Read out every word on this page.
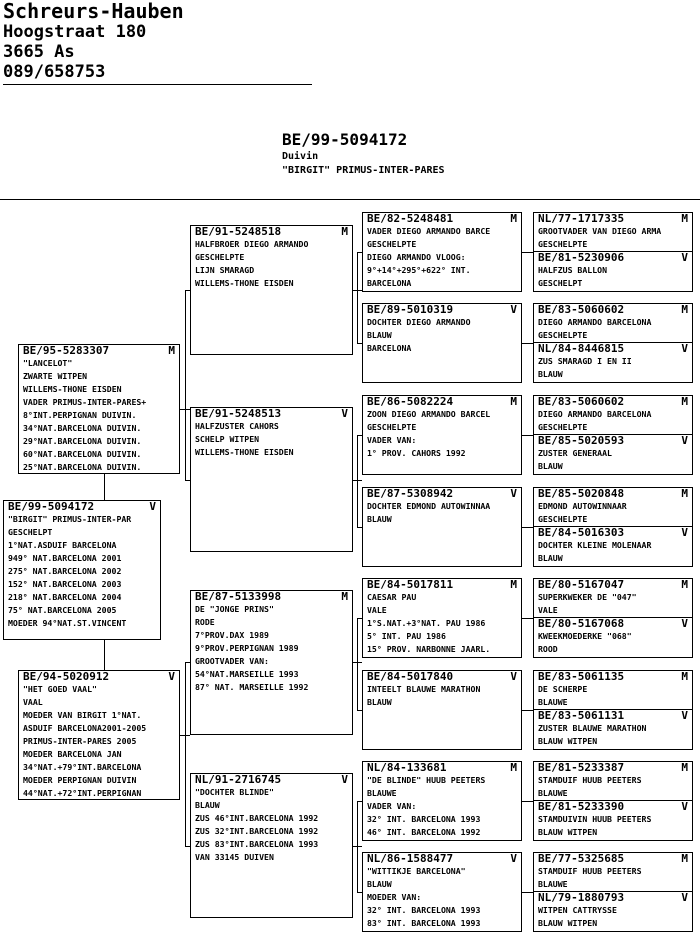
Schreurs-Hauben
Hoogstraat 180
3665 As
089/658753
BE/99-5094172
Duivin
"BIRGIT" PRIMUS-INTER-PARES
BE/95-5283307	M
"LANCELOT"
ZWARTE WITPEN
WILLEMS-THONE EISDEN
VADER PRIMUS-INTER-PARES+
8°INT.PERPIGNAN DUIVIN.
34°NAT.BARCELONA DUIVIN.
29°NAT.BARCELONA DUIVIN.
60°NAT.BARCELONA DUIVIN.
25°NAT.BARCELONA DUIVIN.
BE/99-5094172	V
"BIRGIT" PRIMUS-INTER-PAR
GESCHELPT
1°NAT.ASDUIF BARCELONA
949° NAT.BARCELONA 2001
275° NAT.BARCELONA 2002
152° NAT.BARCELONA 2003
218° NAT.BARCELONA 2004
75° NAT.BARCELONA 2005
MOEDER 94°NAT.ST.VINCENT
BE/94-5020912	V
"HET GOED VAAL"
VAAL
MOEDER VAN BIRGIT 1°NAT.
ASDUIF BARCELONA2001-2005
PRIMUS-INTER-PARES 2005
MOEDER BARCELONA JAN
34°NAT.+79°INT.BARCELONA
MOEDER PERPIGNAN DUIVIN
44°NAT.+72°INT.PERPIGNAN
BE/91-5248518	M
HALFBROER DIEGO ARMANDO
GESCHELPTE
LIJN SMARAGD
WILLEMS-THONE EISDEN
BE/91-5248513	V
HALFZUSTER CAHORS
SCHELP WITPEN
WILLEMS-THONE EISDEN
BE/87-5133998	M
DE "JONGE PRINS"
RODE
7°PROV.DAX 1989
9°PROV.PERPIGNAN 1989
GROOTVADER VAN:
54°NAT.MARSEILLE 1993
87° NAT. MARSEILLE 1992
NL/91-2716745	V
"DOCHTER BLINDE"
BLAUW
ZUS 46°INT.BARCELONA 1992
ZUS 32°INT.BARCELONA 1992
ZUS 83°INT.BARCELONA 1993
VAN 33145 DUIVEN
BE/82-5248481	M
VADER DIEGO ARMANDO BARCE
GESCHELPTE
DIEGO ARMANDO VLOOG:
9°+14°+295°+622° INT.
BARCELONA
BE/89-5010319	V
DOCHTER DIEGO ARMANDO
BLAUW
BARCELONA
BE/86-5082224	M
ZOON DIEGO ARMANDO BARCEL
GESCHELPTE
VADER VAN:
1° PROV. CAHORS 1992
BE/87-5308942	V
DOCHTER EDMOND AUTOWINNAA
BLAUW
BE/84-5017811	M
CAESAR PAU
VALE
1°S.NAT.+3°NAT. PAU 1986
5° INT. PAU 1986
15° PROV. NARBONNE JAARL.
BE/84-5017840	V
INTEELT BLAUWE MARATHON
BLAUW
NL/84-133681	M
"DE BLINDE" HUUB PEETERS
BLAUWE
VADER VAN:
32° INT. BARCELONA 1993
46° INT. BARCELONA 1992
NL/86-1588477	V
"WITTIKJE BARCELONA"
BLAUW
MOEDER VAN:
32° INT. BARCELONA 1993
83° INT. BARCELONA 1993
NL/77-1717335	M
GROOTVADER VAN DIEGO ARMA
GESCHELPTE
BE/81-5230906	V
HALFZUS BALLON
GESCHELPT
BE/83-5060602	M
DIEGO ARMANDO BARCELONA
GESCHELPTE
NL/84-8446815	V
ZUS SMARAGD I EN II
BLAUW
BE/83-5060602	M
DIEGO ARMANDO BARCELONA
GESCHELPTE
BE/85-5020593	V
ZUSTER GENERAAL
BLAUW
BE/85-5020848	M
EDMOND AUTOWINNAAR
GESCHELPTE
BE/84-5016303	V
DOCHTER KLEINE MOLENAAR
BLAUW
BE/80-5167047	M
SUPERKWEKER DE "047"
VALE
BE/80-5167068	V
KWEEKMOEDERKE "068"
ROOD
BE/83-5061135	M
DE SCHERPE
BLAUWE
BE/83-5061131	V
ZUSTER BLAUWE MARATHON
BLAUW WITPEN
BE/81-5233387	M
STAMDUIF HUUB PEETERS
BLAUWE
BE/81-5233390	V
STAMDUIVIN HUUB PEETERS
BLAUW WITPEN
BE/77-5325685	M
STAMDUIF HUUB PEETERS
BLAUWE
NL/79-1880793	V
WITPEN CATTRYSSE
BLAUW WITPEN
